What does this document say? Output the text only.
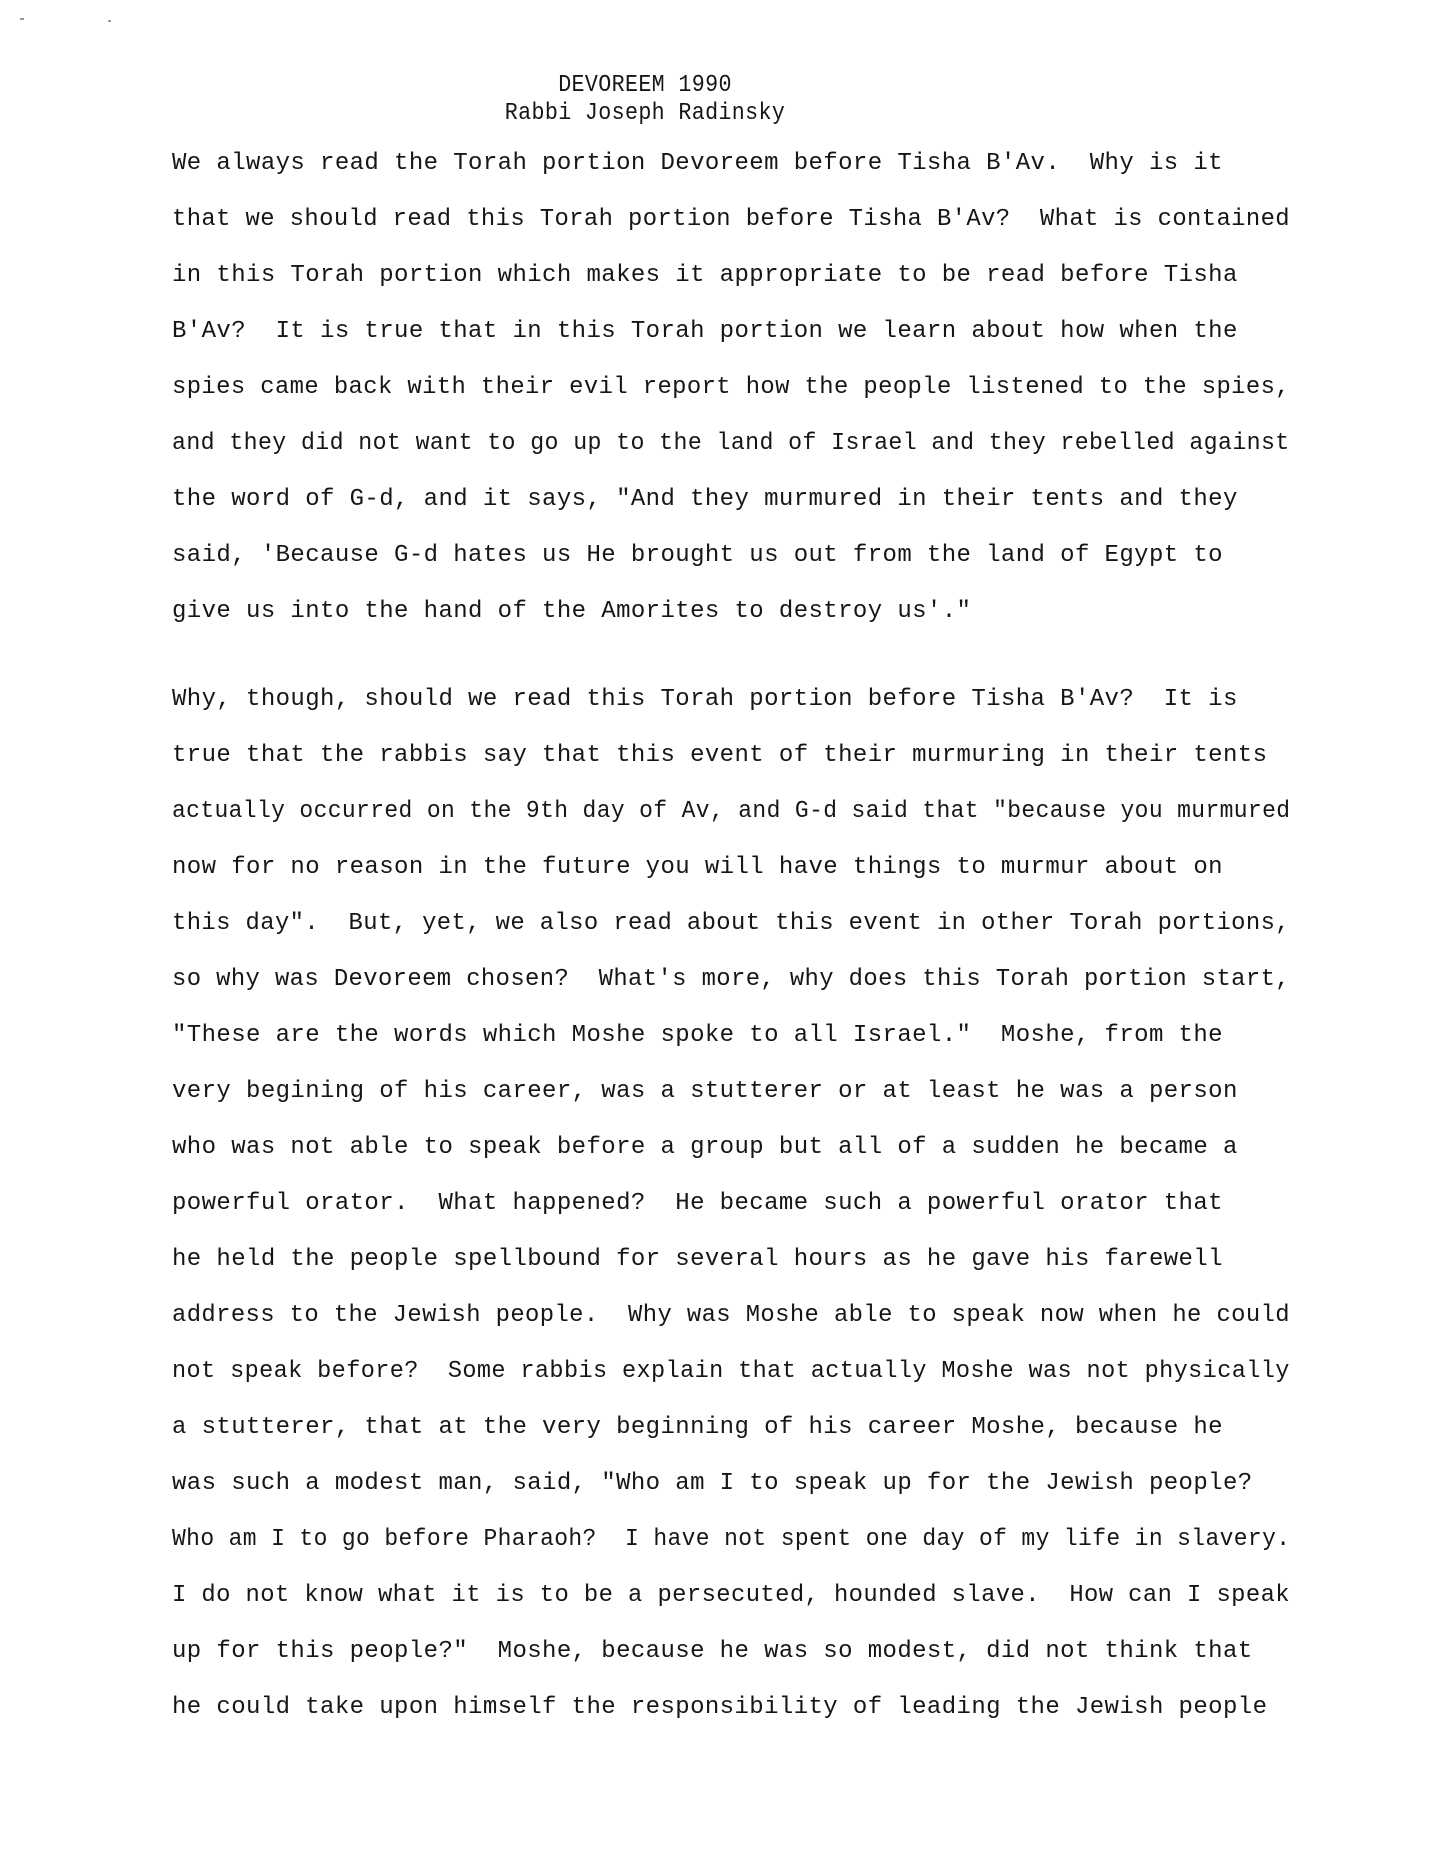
DEVOREEM 1990
Rabbi Joseph Radinsky
We always read the Torah portion Devoreem before Tisha B'Av.  Why is it
that we should read this Torah portion before Tisha B'Av?  What is contained
in this Torah portion which makes it appropriate to be read before Tisha
B'Av?  It is true that in this Torah portion we learn about how when the
spies came back with their evil report how the people listened to the spies,
and they did not want to go up to the land of Israel and they rebelled against
the word of G-d, and it says, "And they murmured in their tents and they
said, 'Because G-d hates us He brought us out from the land of Egypt to
give us into the hand of the Amorites to destroy us'."
Why, though, should we read this Torah portion before Tisha B'Av?  It is
true that the rabbis say that this event of their murmuring in their tents
actually occurred on the 9th day of Av, and G-d said that "because you murmured
now for no reason in the future you will have things to murmur about on
this day".  But, yet, we also read about this event in other Torah portions,
so why was Devoreem chosen?  What's more, why does this Torah portion start,
"These are the words which Moshe spoke to all Israel."  Moshe, from the
very begining of his career, was a stutterer or at least he was a person
who was not able to speak before a group but all of a sudden he became a
powerful orator.  What happened?  He became such a powerful orator that
he held the people spellbound for several hours as he gave his farewell
address to the Jewish people.  Why was Moshe able to speak now when he could
not speak before?  Some rabbis explain that actually Moshe was not physically
a stutterer, that at the very beginning of his career Moshe, because he
was such a modest man, said, "Who am I to speak up for the Jewish people?
Who am I to go before Pharaoh?  I have not spent one day of my life in slavery.
I do not know what it is to be a persecuted, hounded slave.  How can I speak
up for this people?"  Moshe, because he was so modest, did not think that
he could take upon himself the responsibility of leading the Jewish people
